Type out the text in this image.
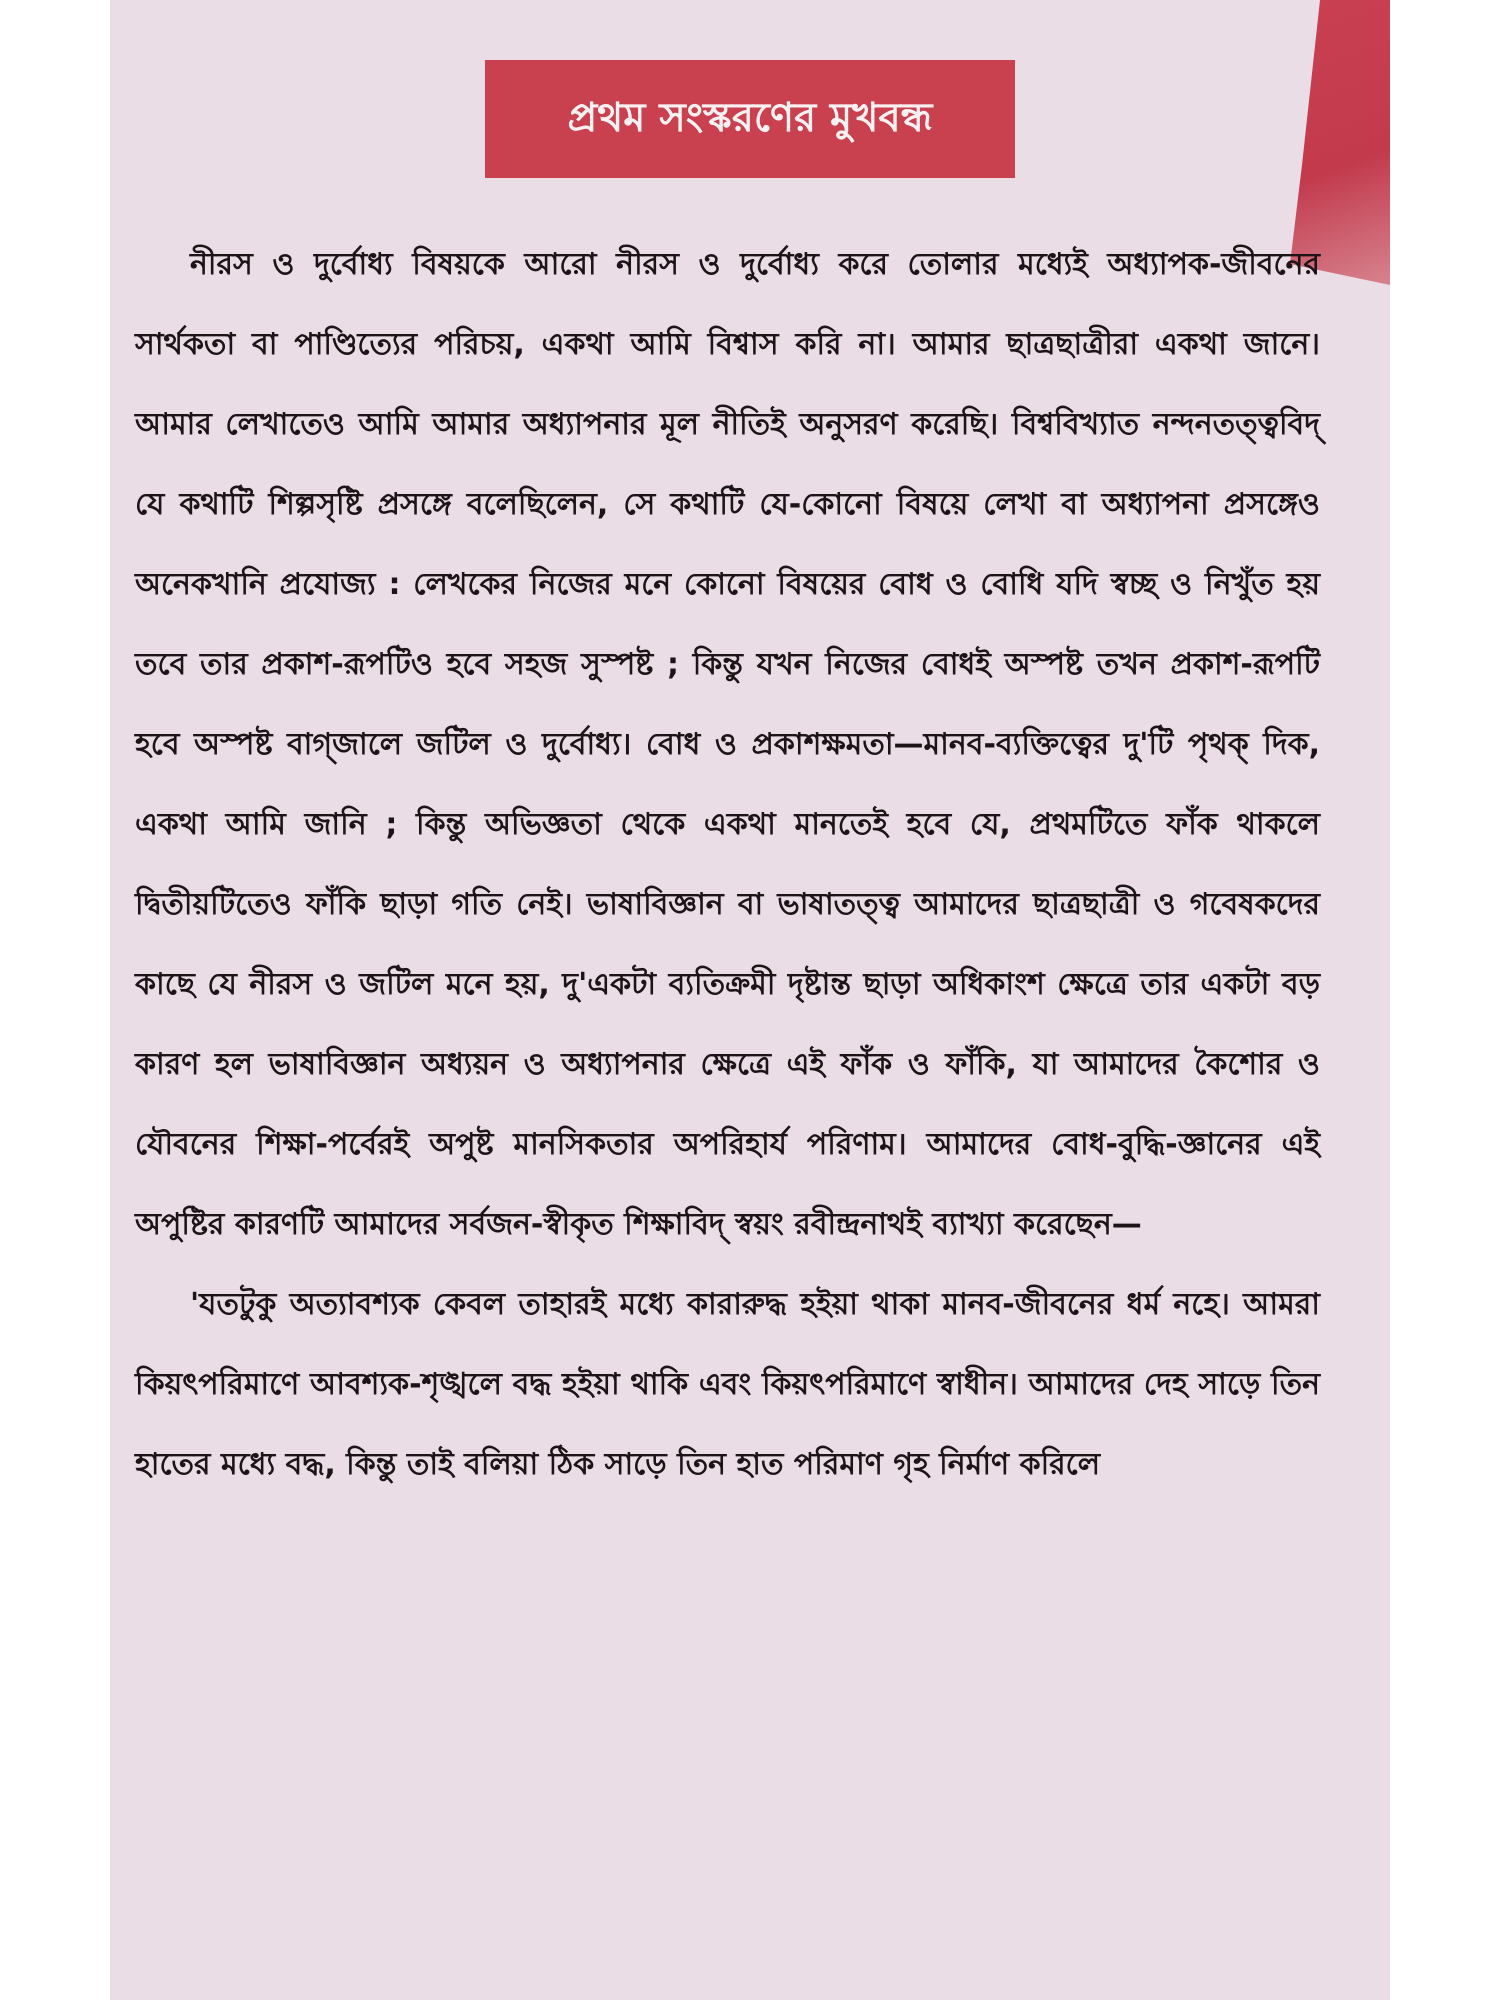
প্রথম সংস্করণের মুখবন্ধ

নীরস ও দুর্বোধ্য বিষয়কে আরো নীরস ও দুর্বোধ্য করে তোলার মধ্যেই অধ্যাপক-জীবনের সার্থকতা বা পাণ্ডিত্যের পরিচয়, একথা আমি বিশ্বাস করি না। আমার ছাত্রছাত্রীরা একথা জানে। আমার লেখাতেও আমি আমার অধ্যাপনার মূল নীতিই অনুসরণ করেছি। বিশ্ববিখ্যাত নন্দনতত্ত্ববিদ্ যে কথাটি শিল্পসৃষ্টি প্রসঙ্গে বলেছিলেন, সে কথাটি যে-কোনো বিষয়ে লেখা বা অধ্যাপনা প্রসঙ্গেও অনেকখানি প্রযোজ্য : লেখকের নিজের মনে কোনো বিষয়ের বোধ ও বোধি যদি স্বচ্ছ ও নিখুঁত হয় তবে তার প্রকাশ-রূপটিও হবে সহজ সুস্পষ্ট ; কিন্তু যখন নিজের বোধই অস্পষ্ট তখন প্রকাশ-রূপটি হবে অস্পষ্ট বাগ্‌জালে জটিল ও দুর্বোধ্য। বোধ ও প্রকাশক্ষমতা—মানব-ব্যক্তিত্বের দু'টি পৃথক্ দিক, একথা আমি জানি ; কিন্তু অভিজ্ঞতা থেকে একথা মানতেই হবে যে, প্রথমটিতে ফাঁক থাকলে দ্বিতীয়টিতেও ফাঁকি ছাড়া গতি নেই। ভাষাবিজ্ঞান বা ভাষাতত্ত্ব আমাদের ছাত্রছাত্রী ও গবেষকদের কাছে যে নীরস ও জটিল মনে হয়, দু'একটা ব্যতিক্রমী দৃষ্টান্ত ছাড়া অধিকাংশ ক্ষেত্রে তার একটা বড় কারণ হল ভাষাবিজ্ঞান অধ্যয়ন ও অধ্যাপনার ক্ষেত্রে এই ফাঁক ও ফাঁকি, যা আমাদের কৈশোর ও যৌবনের শিক্ষা-পর্বেরই অপুষ্ট মানসিকতার অপরিহার্য পরিণাম। আমাদের বোধ-বুদ্ধি-জ্ঞানের এই অপুষ্টির কারণটি আমাদের সর্বজন-স্বীকৃত শিক্ষাবিদ্ স্বয়ং রবীন্দ্রনাথই ব্যাখ্যা করেছেন—

'যতটুকু অত্যাবশ্যক কেবল তাহারই মধ্যে কারারুদ্ধ হইয়া থাকা মানব-জীবনের ধর্ম নহে। আমরা কিয়ৎপরিমাণে আবশ্যক-শৃঙ্খলে বদ্ধ হইয়া থাকি এবং কিয়ৎপরিমাণে স্বাধীন। আমাদের দেহ সাড়ে তিন হাতের মধ্যে বদ্ধ, কিন্তু তাই বলিয়া ঠিক সাড়ে তিন হাত পরিমাণ গৃহ নির্মাণ করিলে
